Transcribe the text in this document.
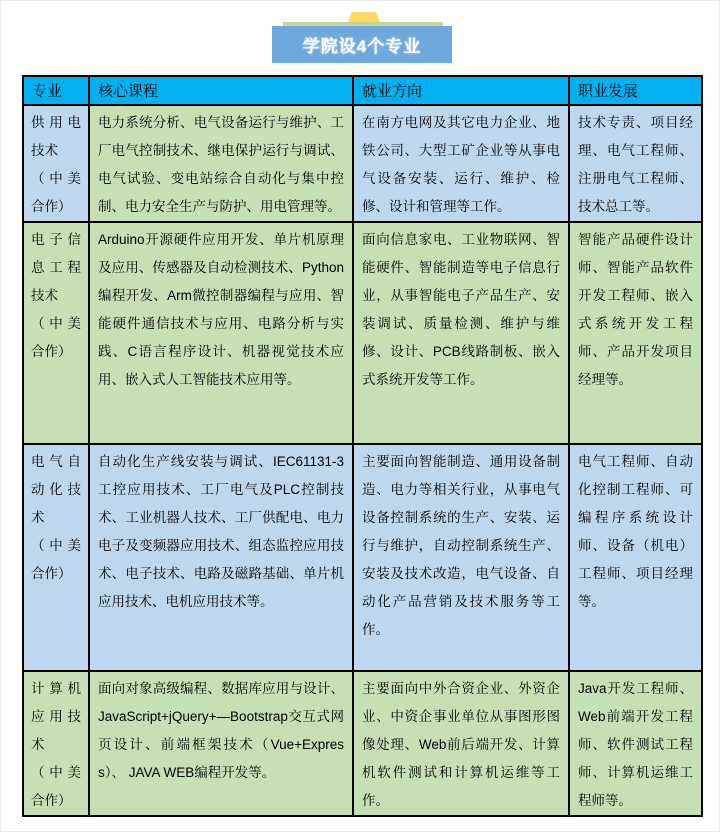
学院设4个专业
专业	核心课程	就业方向	职业发展

供用电技术
（中美合作）	电力系统分析、电气设备运行与维护、工厂电气控制技术、继电保护运行与调试、电气试验、变电站综合自动化与集中控制、电力安全生产与防护、用电管理等。	在南方电网及其它电力企业、地铁公司、大型工矿企业等从事电气设备安装、运行、维护、检修、设计和管理等工作。	技术专责、项目经理、电气工程师、注册电气工程师、技术总工等。

电子信息工程技术
（中美合作）	Arduino开源硬件应用开发、单片机原理及应用、传感器及自动检测技术、Python编程开发、Arm微控制器编程与应用、智能硬件通信技术与应用、电路分析与实践、C语言程序设计、机器视觉技术应用、嵌入式人工智能技术应用等。	面向信息家电、工业物联网、智能硬件、智能制造等电子信息行业，从事智能电子产品生产、安装调试、质量检测、维护与维修、设计、PCB线路制板、嵌入式系统开发等工作。	智能产品硬件设计师、智能产品软件开发工程师、嵌入式系统开发工程师、产品开发项目经理等。

电气自动化技术
（中美合作）	自动化生产线安装与调试、IEC61131-3工控应用技术、工厂电气及PLC控制技术、工业机器人技术、工厂供配电、电力电子及变频器应用技术、组态监控应用技术、电子技术、电路及磁路基础、单片机应用技术、电机应用技术等。	主要面向智能制造、通用设备制造、电力等相关行业，从事电气设备控制系统的生产、安装、运行与维护，自动控制系统生产、安装及技术改造，电气设备、自动化产品营销及技术服务等工作。	电气工程师、自动化控制工程师、可编程序系统设计师、设备（机电）工程师、项目经理等。

计算机应用技术
（中美合作）	面向对象高级编程、数据库应用与设计、JavaScript+jQuery+—Bootstrap交互式网页设计、前端框架技术（Vue+Express）、 JAVA WEB编程开发等。	主要面向中外合资企业、外资企业、中资企事业单位从事图形图像处理、Web前后端开发、计算机软件测试和计算机运维等工作。	Java开发工程师、Web前端开发工程师、软件测试工程师、计算机运维工程师等。
